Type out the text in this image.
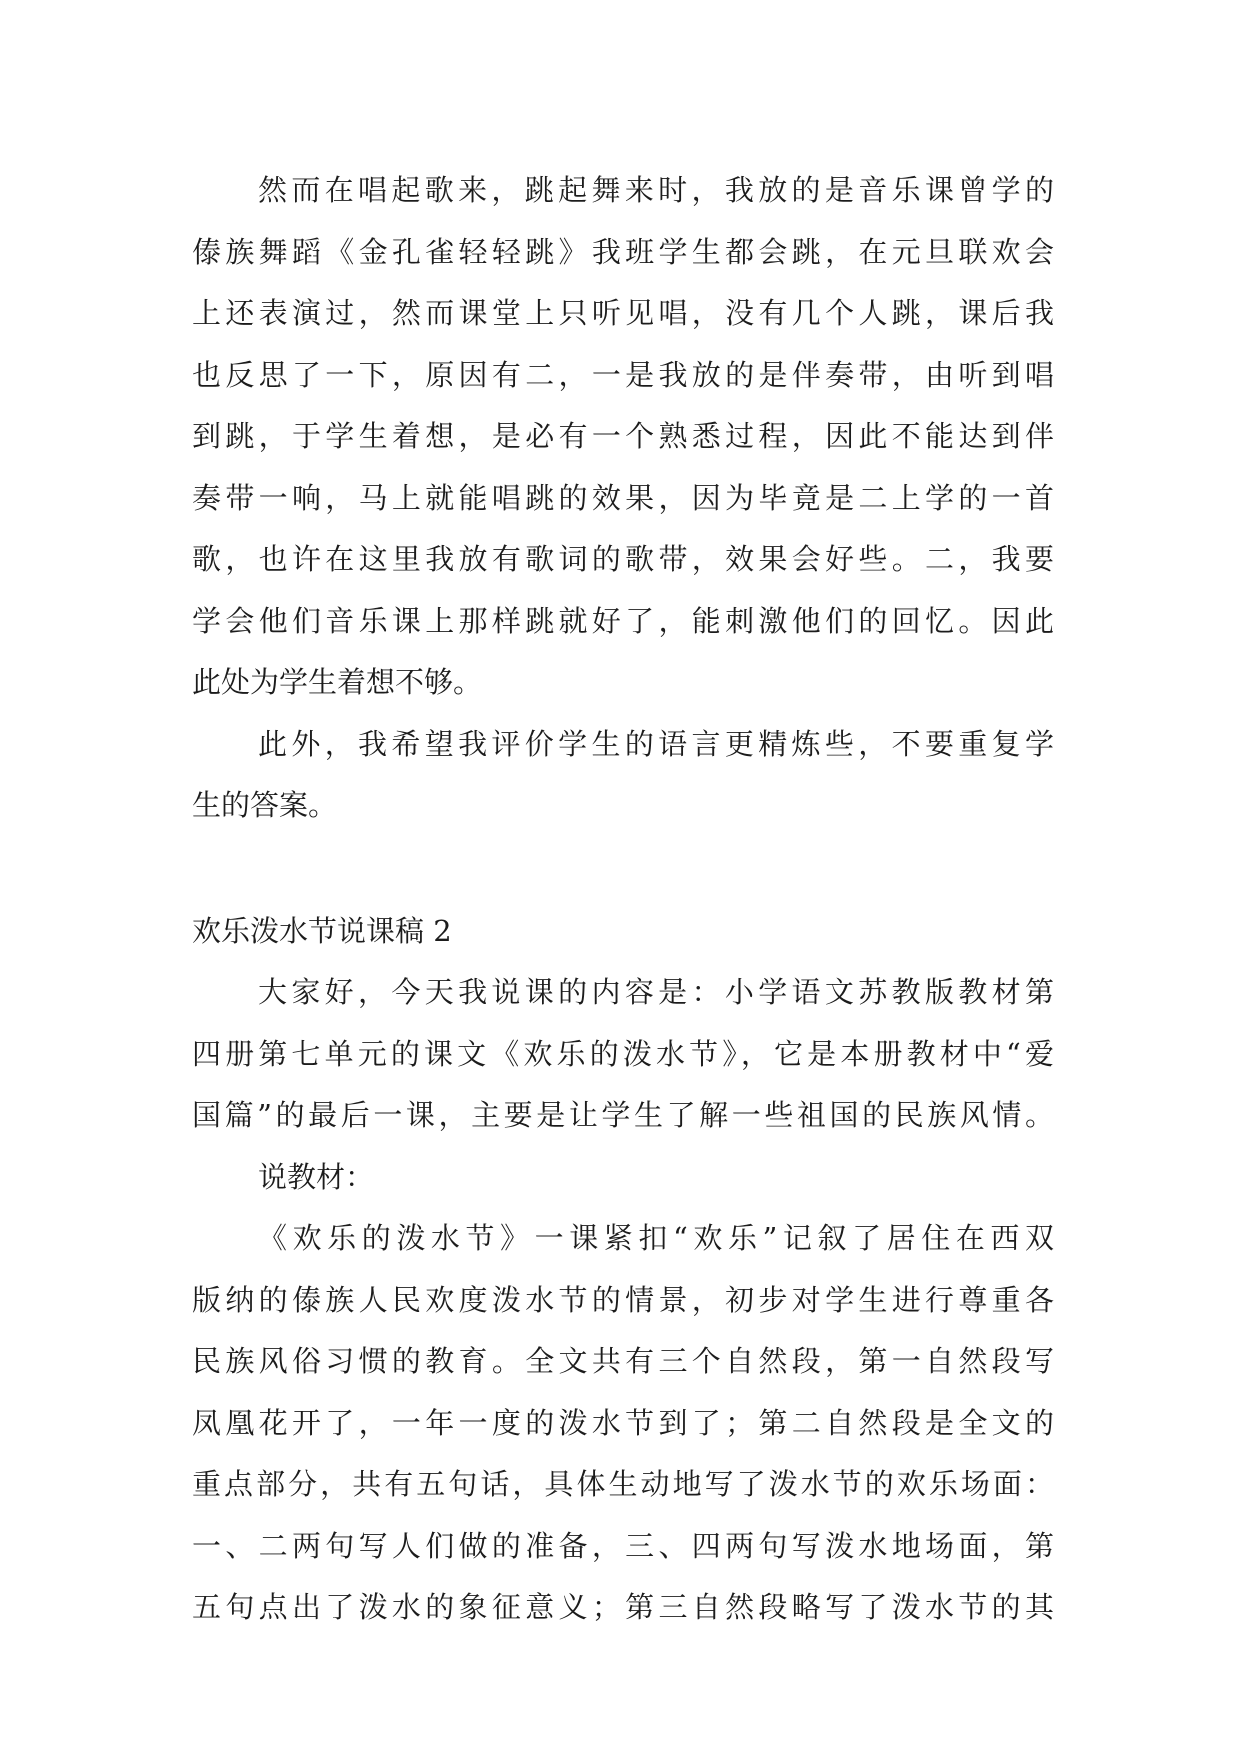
然而在唱起歌来，跳起舞来时，我放的是音乐课曾学的
傣族舞蹈《金孔雀轻轻跳》我班学生都会跳，在元旦联欢会
上还表演过，然而课堂上只听见唱，没有几个人跳，课后我
也反思了一下，原因有二，一是我放的是伴奏带，由听到唱
到跳，于学生着想，是必有一个熟悉过程，因此不能达到伴
奏带一响，马上就能唱跳的效果，因为毕竟是二上学的一首
歌，也许在这里我放有歌词的歌带，效果会好些。二，我要
学会他们音乐课上那样跳就好了，能刺激他们的回忆。因此
此处为学生着想不够。
此外，我希望我评价学生的语言更精炼些，不要重复学
生的答案。
欢乐泼水节说课稿 2
大家好，今天我说课的内容是：小学语文苏教版教材第
四册第七单元的课文《欢乐的泼水节》，它是本册教材中“爱
国篇”的最后一课，主要是让学生了解一些祖国的民族风情。
说教材：
《欢乐的泼水节》一课紧扣“欢乐”记叙了居住在西双
版纳的傣族人民欢度泼水节的情景，初步对学生进行尊重各
民族风俗习惯的教育。全文共有三个自然段，第一自然段写
凤凰花开了，一年一度的泼水节到了；第二自然段是全文的
重点部分，共有五句话，具体生动地写了泼水节的欢乐场面：
一、二两句写人们做的准备，三、四两句写泼水地场面，第
五句点出了泼水的象征意义；第三自然段略写了泼水节的其
